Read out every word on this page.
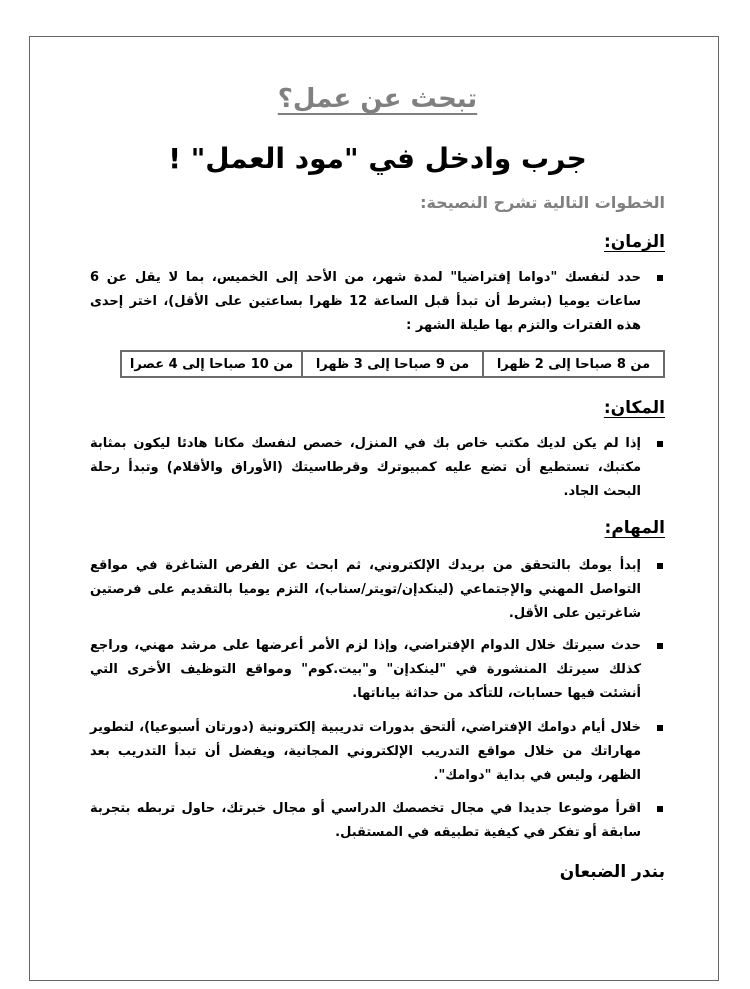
تبحث عن عمل؟
جرب وادخل في "مود العمل" !
الخطوات التالية تشرح النصيحة:
الزمان:
حدد لنفسك "دواما إفتراضيا" لمدة شهر، من الأحد إلى الخميس، بما لا يقل عن 6 ساعات يوميا (بشرط أن تبدأ قبل الساعة 12 ظهرا بساعتين على الأقل)، اختر إحدى هذه الفترات والتزم بها طيلة الشهر :
من 8 صباحا إلى 2 ظهرا	من 9 صباحا إلى 3 ظهرا	من 10 صباحا إلى 4 عصرا
المكان:
إذا لم يكن لديك مكتب خاص بك في المنزل، خصص لنفسك مكانا هادئا ليكون بمثابة مكتبك، تستطيع أن تضع عليه كمبيوترك وقرطاسيتك (الأوراق والأقلام) وتبدأ رحلة البحث الجاد.
المهام:
إبدأ يومك بالتحقق من بريدك الإلكتروني، ثم ابحث عن الفرص الشاغرة في مواقع التواصل المهني والإجتماعي (لينكدإن/تويتر/سناب)، التزم يوميا بالتقديم على فرصتين شاغرتين على الأقل.
حدث سيرتك خلال الدوام الإفتراضي، وإذا لزم الأمر أعرضها على مرشد مهني، وراجع كذلك سيرتك المنشورة في "لينكدإن" و"بيت.كوم" ومواقع التوظيف الأخرى التي أنشئت فيها حسابات، للتأكد من حداثة بياناتها.
خلال أيام دوامك الإفتراضي، ألتحق بدورات تدريبية إلكترونية (دورتان أسبوعيا)، لتطوير مهاراتك من خلال مواقع التدريب الإلكتروني المجانية، ويفضل أن تبدأ التدريب بعد الظهر، وليس في بداية "دوامك".
اقرأ موضوعا جديدا في مجال تخصصك الدراسي أو مجال خبرتك، حاول تربطه بتجربة سابقة أو تفكر في كيفية تطبيقه في المستقبل.
بندر الضبعان
